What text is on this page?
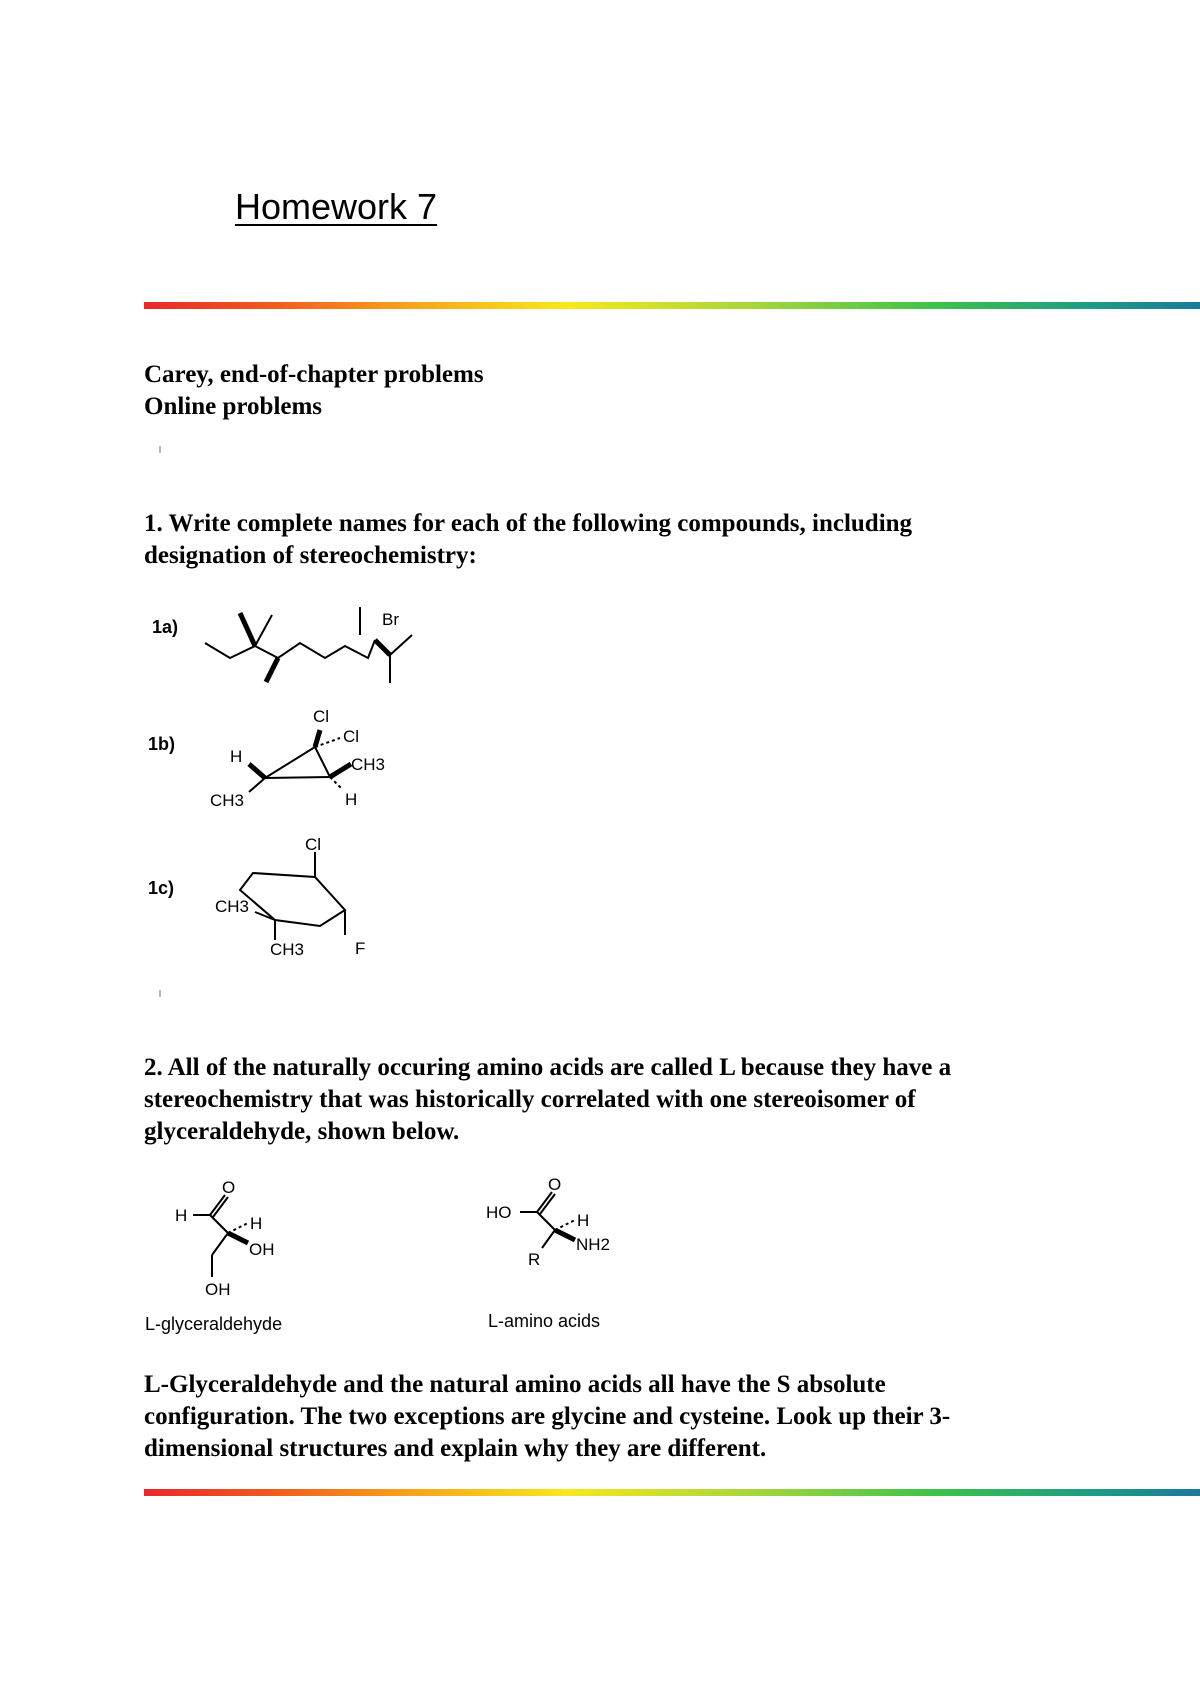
Homework 7
Carey, end-of-chapter problems
Online problems
1. Write complete names for each of the following compounds, including
designation of stereochemistry:
1a)	Br
1b)
Cl
Cl
H	CH3
CH3	H
1c)
Cl
CH3
CH3	F
2. All of the naturally occuring amino acids are called L because they have a
stereochemistry that was historically correlated with one stereoisomer of
glyceraldehyde, shown below.
O
H	H
OH
OH
L-glyceraldehyde
O
HO	H
NH2
R
L-amino acids
L-Glyceraldehyde and the natural amino acids all have the S absolute
configuration. The two exceptions are glycine and cysteine. Look up their 3-
dimensional structures and explain why they are different.
